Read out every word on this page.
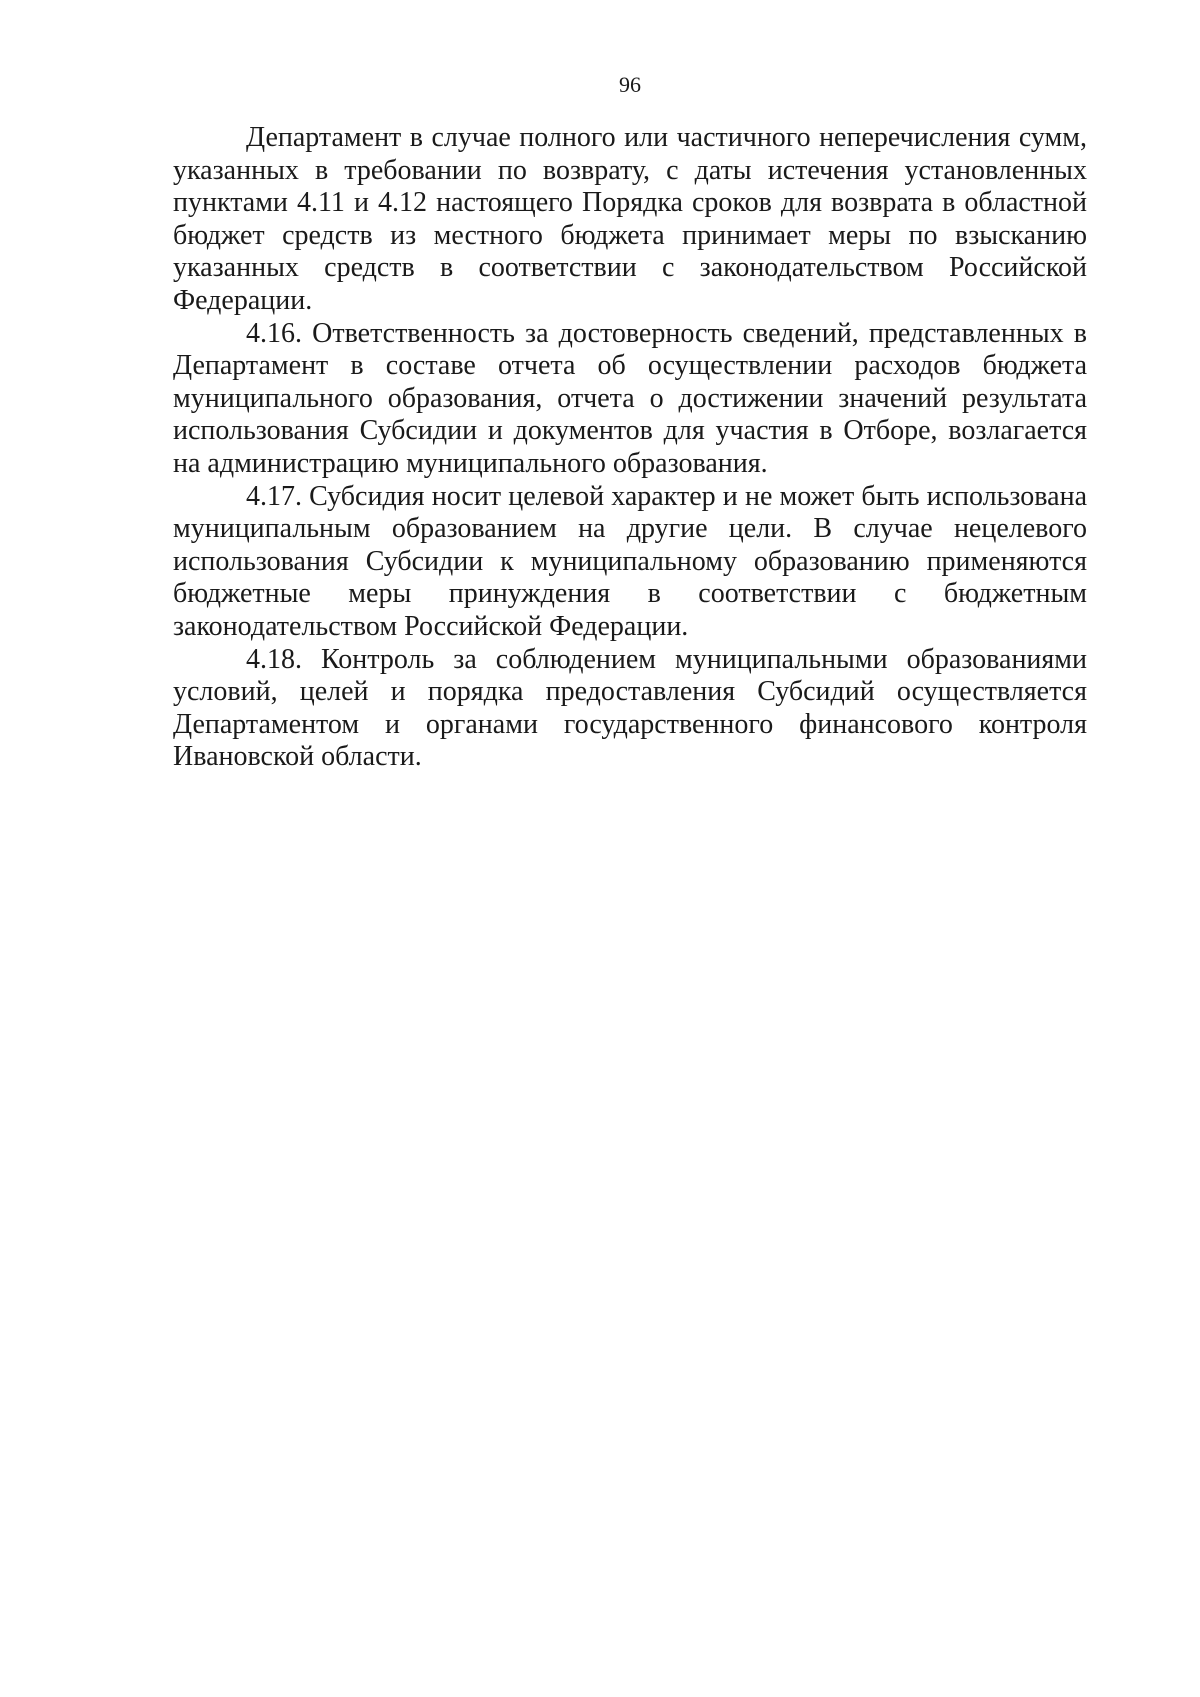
96

Департамент в случае полного или частичного неперечисления сумм, указанных в требовании по возврату, с даты истечения установленных пунктами 4.11 и 4.12 настоящего Порядка сроков для возврата в областной бюджет средств из местного бюджета принимает меры по взысканию указанных средств в соответствии с законодательством Российской Федерации.

4.16. Ответственность за достоверность сведений, представленных в Департамент в составе отчета об осуществлении расходов бюджета муниципального образования, отчета о достижении значений результата использования Субсидии и документов для участия в Отборе, возлагается на администрацию муниципального образования.

4.17. Субсидия носит целевой характер и не может быть использована муниципальным образованием на другие цели. В случае нецелевого использования Субсидии к муниципальному образованию применяются бюджетные меры принуждения в соответствии с бюджетным законодательством Российской Федерации.

4.18. Контроль за соблюдением муниципальными образованиями условий, целей и порядка предоставления Субсидий осуществляется Департаментом и органами государственного финансового контроля Ивановской области.
